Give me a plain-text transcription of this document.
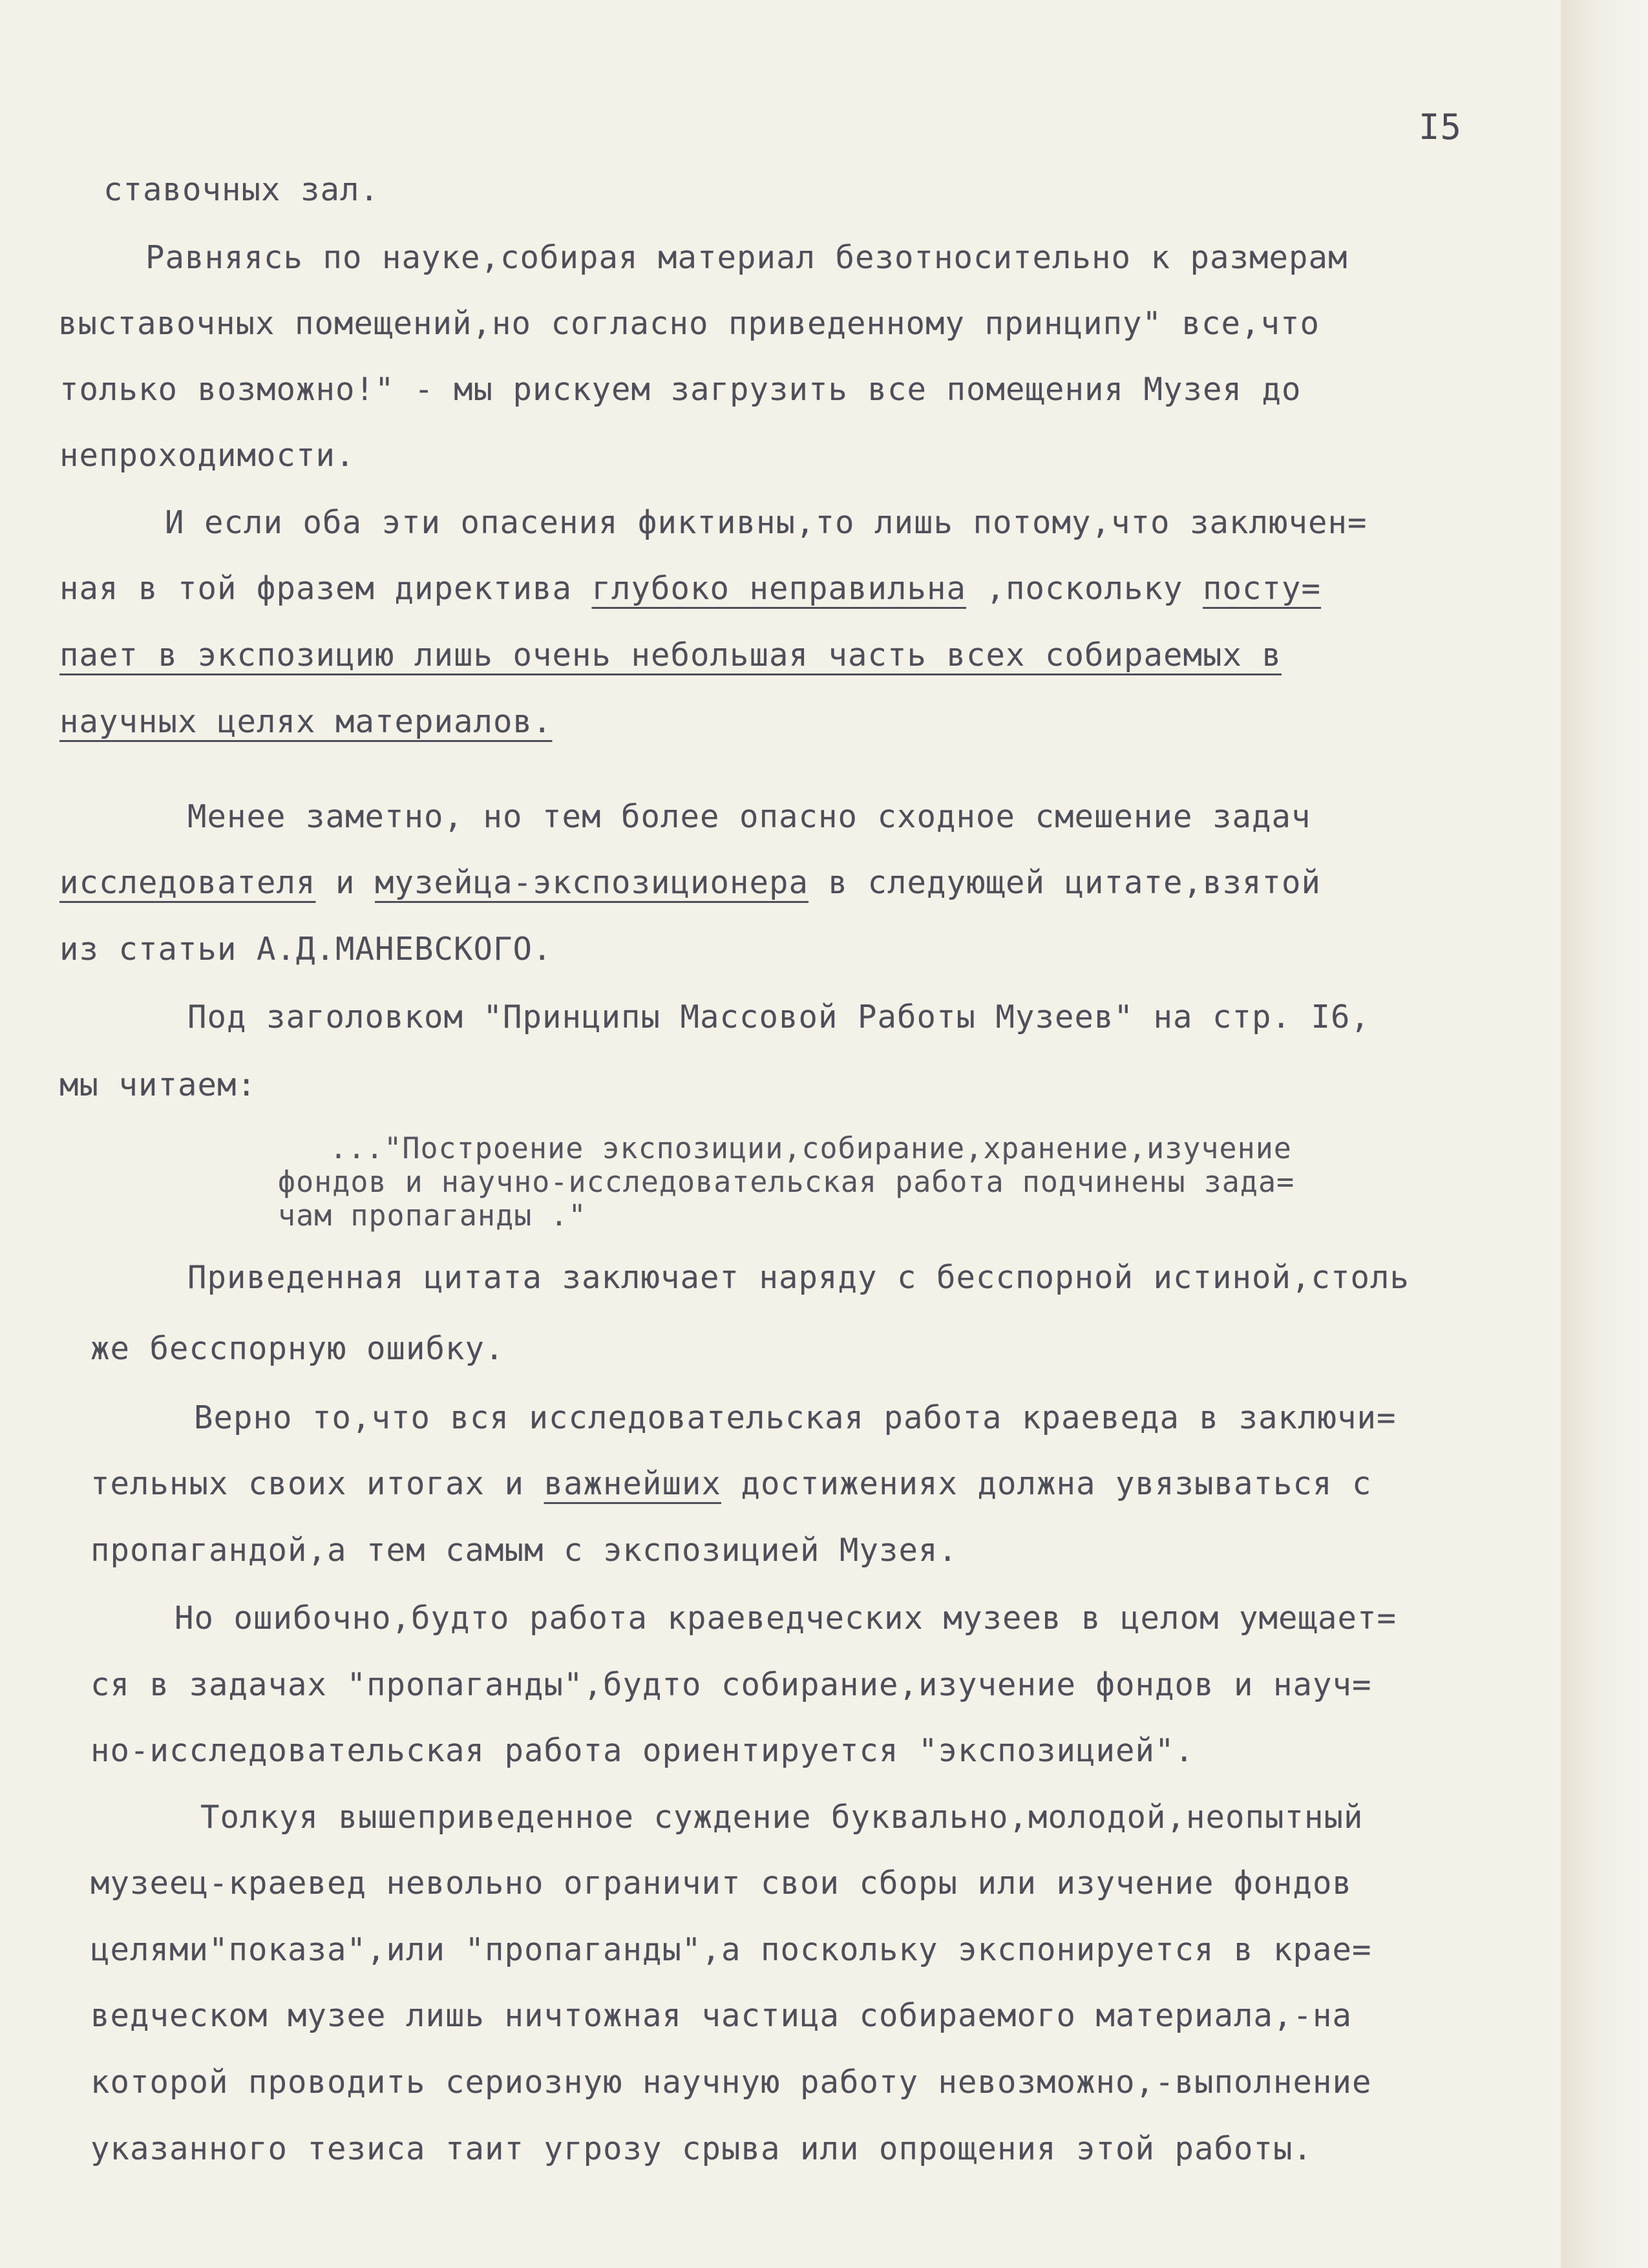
I5

ставочных зал.

Равняясь по науке,собирая материал безотносительно к размерам

выставочных помещений,но согласно приведенному принципу" все,что

только возможно!" - мы рискуем загрузить все помещения Музея до

непроходимости.

И если оба эти опасения фиктивны,то лишь потому,что заключен=

ная в той фразем директива глубоко неправильна ,поскольку посту=

пает в экспозицию лишь очень небольшая часть всех собираемых в

научных целях материалов.

Менее заметно, но тем более опасно сходное смешение задач

исследователя и музейца-экспозиционера в следующей цитате,взятой

из статьи А.Д.МАНЕВСКОГО.

Под заголовком "Принципы Массовой Работы Музеев" на стр. I6,

мы читаем:

..."Построение экспозиции,собирание,хранение,изучение

фондов и научно-исследовательская работа подчинены зада=

чам пропаганды ."

Приведенная цитата заключает наряду с бесспорной истиной,столь

же бесспорную ошибку.

Верно то,что вся исследовательская работа краеведа в заключи=

тельных своих итогах и важнейших достижениях должна увязываться с

пропагандой,а тем самым с экспозицией Музея.

Но ошибочно,будто работа краеведческих музеев в целом умещает=

ся в задачах "пропаганды",будто собирание,изучение фондов и науч=

но-исследовательская работа ориентируется "экспозицией".

Толкуя вышеприведенное суждение буквально,молодой,неопытный

музеец-краевед невольно ограничит свои сборы или изучение фондов

целями"показа",или "пропаганды",а поскольку экспонируется в крае=

ведческом музее лишь ничтожная частица собираемого материала,-на

которой проводить сериозную научную работу невозможно,-выполнение

указанного тезиса таит угрозу срыва или опрощения этой работы.
